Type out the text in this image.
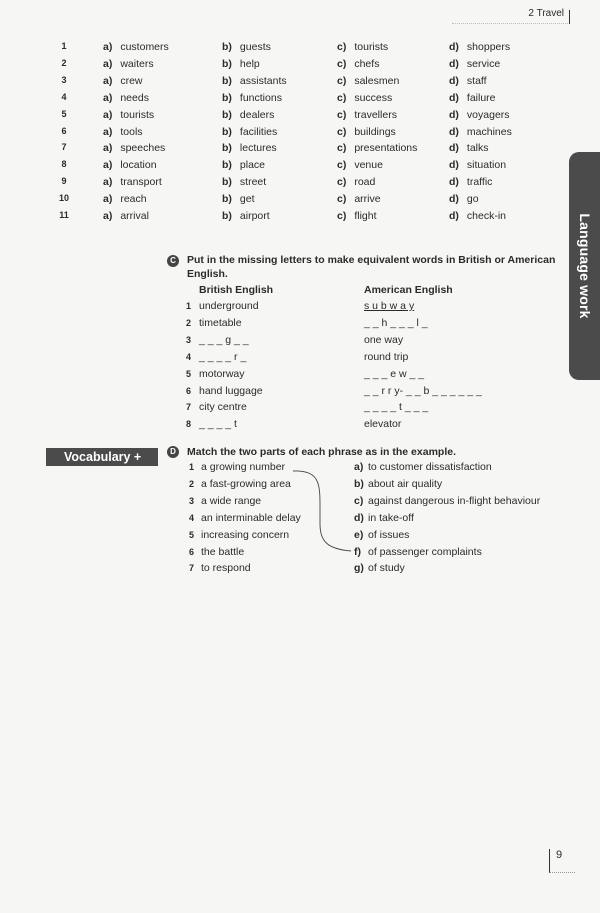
2 Travel
Language work
1	a) customers	b) guests	c) tourists	d) shoppers
2	a) waiters	b) help	c) chefs	d) service
3	a) crew	b) assistants	c) salesmen	d) staff
4	a) needs	b) functions	c) success	d) failure
5	a) tourists	b) dealers	c) travellers	d) voyagers
6	a) tools	b) facilities	c) buildings	d) machines
7	a) speeches	b) lectures	c) presentations	d) talks
8	a) location	b) place	c) venue	d) situation
9	a) transport	b) street	c) road	d) traffic
10	a) reach	b) get	c) arrive	d) go
11	a) arrival	b) airport	c) flight	d) check-in
C Put in the missing letters to make equivalent words in British or American
English.
British English	American English
1 underground	s u b w a y
2 timetable	_ _ h _ _ _ l _
3 _ _ _ g _ _	one way
4 _ _ _ _ r _	round trip
5 motorway	_ _ _ e w _ _
6 hand luggage	_ _ r r y- _ _ b _ _ _ _ _ _
7 city centre	_ _ _ _ t _ _ _
8 _ _ _ _ t	elevator
Vocabulary +	D Match the two parts of each phrase as in the example.
1 a growing number	a) to customer dissatisfaction
2 a fast-growing area	b) about air quality
3 a wide range	c) against dangerous in-flight behaviour
4 an interminable delay	d) in take-off
5 increasing concern	e) of issues
6 the battle	f) of passenger complaints
7 to respond	g) of study
9
